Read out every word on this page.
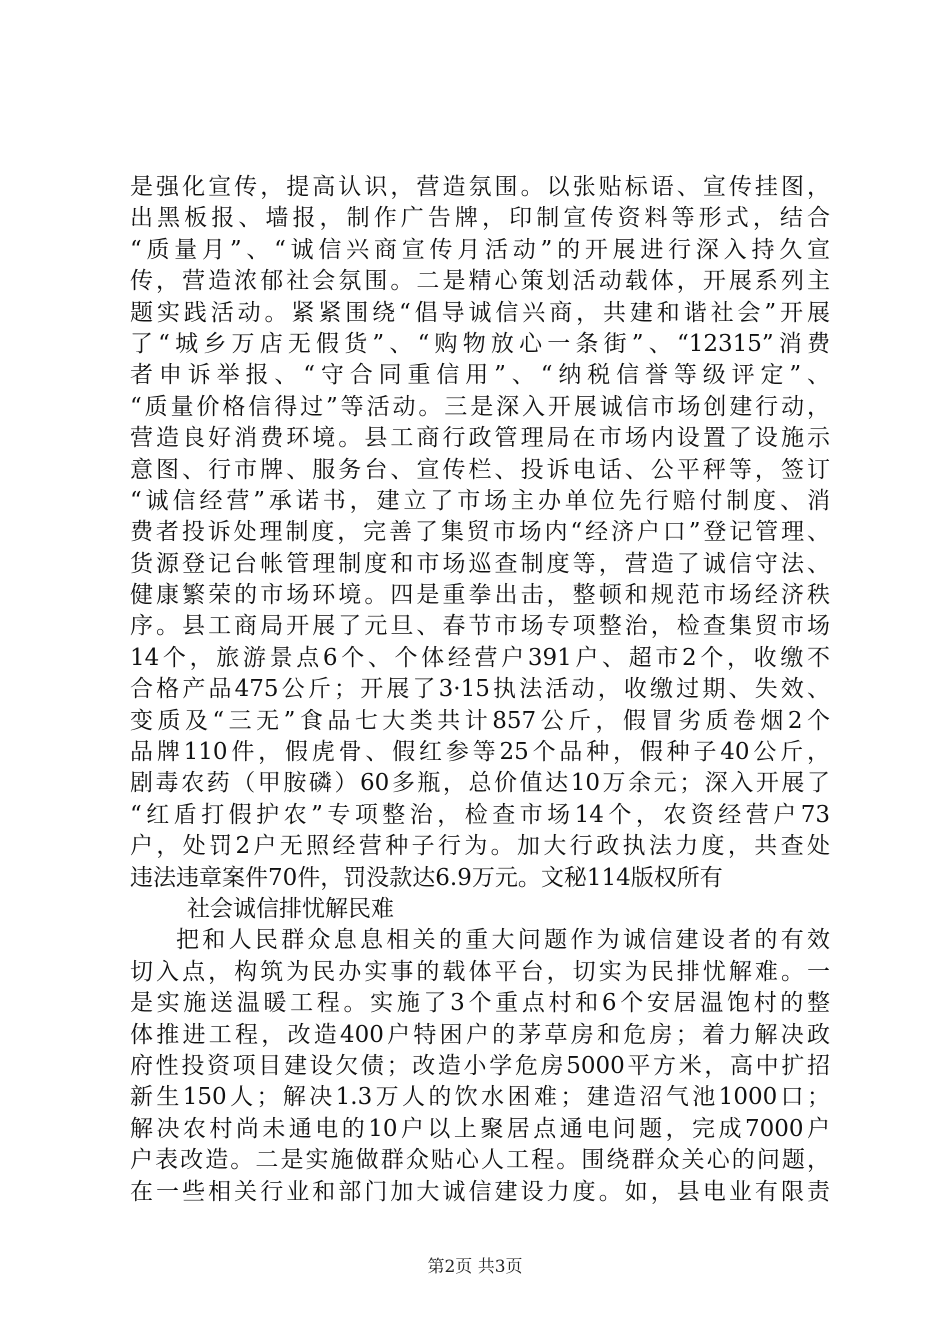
是强化宣传，提高认识，营造氛围。以张贴标语、宣传挂图，
出黑板报、墙报，制作广告牌，印制宣传资料等形式，结合
“质量月”、“诚信兴商宣传月活动”的开展进行深入持久宣
传，营造浓郁社会氛围。二是精心策划活动载体，开展系列主
题实践活动。紧紧围绕“倡导诚信兴商，共建和谐社会”开展
了“城乡万店无假货”、“购物放心一条街”、“12315”消费
者申诉举报、“守合同重信用”、“纳税信誉等级评定”、
“质量价格信得过”等活动。三是深入开展诚信市场创建行动，
营造良好消费环境。县工商行政管理局在市场内设置了设施示
意图、行市牌、服务台、宣传栏、投诉电话、公平秤等，签订
“诚信经营”承诺书，建立了市场主办单位先行赔付制度、消
费者投诉处理制度，完善了集贸市场内“经济户口”登记管理、
货源登记台帐管理制度和市场巡查制度等，营造了诚信守法、
健康繁荣的市场环境。四是重拳出击，整顿和规范市场经济秩
序。县工商局开展了元旦、春节市场专项整治，检查集贸市场
14个，旅游景点6个、个体经营户391户、超市2个，收缴不
合格产品475公斤；开展了3·15执法活动，收缴过期、失效、
变质及“三无”食品七大类共计857公斤，假冒劣质卷烟2个
品牌110件，假虎骨、假红参等25个品种，假种子40公斤，
剧毒农药（甲胺磷）60多瓶，总价值达10万余元；深入开展了
“红盾打假护农”专项整治，检查市场14个，农资经营户73
户，处罚2户无照经营种子行为。加大行政执法力度，共查处
违法违章案件70件，罚没款达6.9万元。文秘114版权所有
社会诚信排忧解民难
把和人民群众息息相关的重大问题作为诚信建设者的有效
切入点，构筑为民办实事的载体平台，切实为民排忧解难。一
是实施送温暖工程。实施了3个重点村和6个安居温饱村的整
体推进工程，改造400户特困户的茅草房和危房；着力解决政
府性投资项目建设欠债；改造小学危房5000平方米，高中扩招
新生150人；解决1.3万人的饮水困难；建造沼气池1000口；
解决农村尚未通电的10户以上聚居点通电问题，完成7000户
户表改造。二是实施做群众贴心人工程。围绕群众关心的问题，
在一些相关行业和部门加大诚信建设力度。如，县电业有限责
第2页 共3页
